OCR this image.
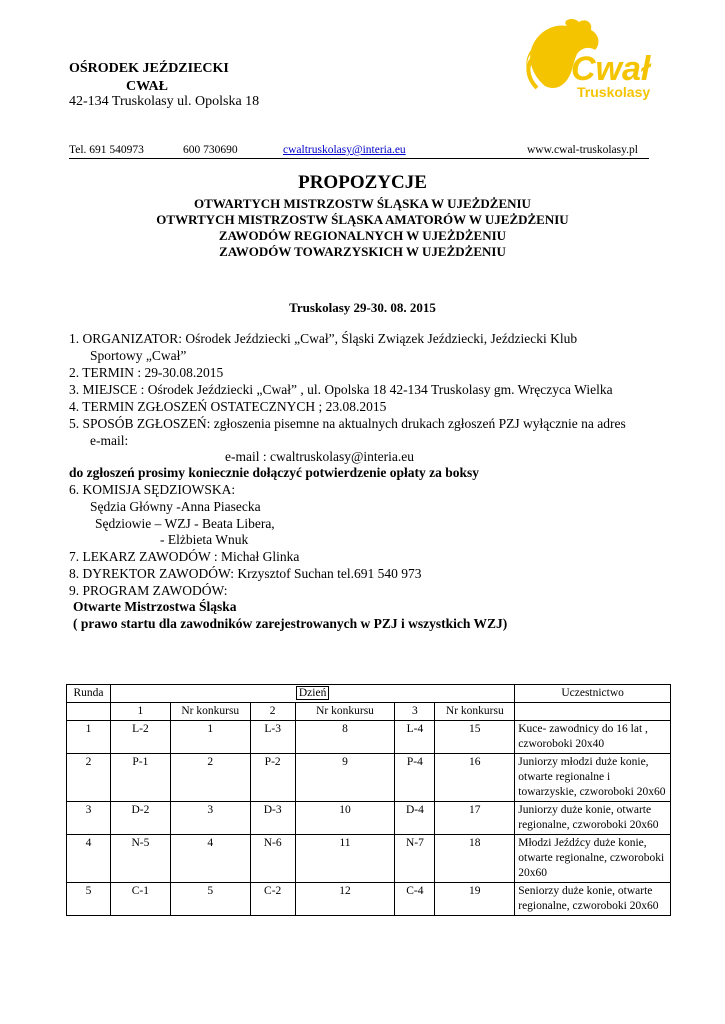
OŚRODEK JEŹDZIECKI
CWAŁ
42-134 Truskolasy ul. Opolska 18
Cwał
Truskolasy
Tel. 691 540973	600 730690	cwaltruskolasy@interia.eu	www.cwal-truskolasy.pl
PROPOZYCJE
OTWARTYCH MISTRZOSTW ŚLĄSKA W UJEŻDŻENIU
OTWRTYCH MISTRZOSTW ŚLĄSKA AMATORÓW W UJEŻDŻENIU
ZAWODÓW REGIONALNYCH W UJEŻDŻENIU
ZAWODÓW TOWARZYSKICH W UJEŻDŻENIU
Truskolasy 29-30. 08. 2015
1. ORGANIZATOR: Ośrodek Jeździecki „Cwał”, Śląski Związek Jeździecki, Jeździecki Klub
Sportowy „Cwał”
2. TERMIN : 29-30.08.2015
3. MIEJSCE : Ośrodek Jeździecki „Cwał” , ul. Opolska 18 42-134 Truskolasy gm. Wręczyca Wielka
4. TERMIN ZGŁOSZEŃ OSTATECZNYCH ; 23.08.2015
5. SPOSÓB ZGŁOSZEŃ: zgłoszenia pisemne na aktualnych drukach zgłoszeń PZJ wyłącznie na adres
e-mail:
e-mail : cwaltruskolasy@interia.eu
do zgłoszeń prosimy koniecznie dołączyć potwierdzenie opłaty za boksy
6. KOMISJA SĘDZIOWSKA:
Sędzia Główny -Anna Piasecka
Sędziowie – WZJ - Beata Libera,
- Elżbieta Wnuk
7. LEKARZ ZAWODÓW : Michał Glinka
8. DYREKTOR ZAWODÓW: Krzysztof Suchan tel.691 540 973
9. PROGRAM ZAWODÓW:
Otwarte Mistrzostwa Śląska
( prawo startu dla zawodników zarejestrowanych w PZJ i wszystkich WZJ)
Runda	Dzień						Uczestnictwo
	1	Nr konkursu	2	Nr konkursu	3	Nr konkursu	
1	L-2	1	L-3	8	L-4	15	Kuce- zawodnicy do 16 lat , czworoboki 20x40
2	P-1	2	P-2	9	P-4	16	Juniorzy młodzi duże konie, otwarte regionalne i towarzyskie, czworoboki 20x60
3	D-2	3	D-3	10	D-4	17	Juniorzy duże konie, otwarte regionalne, czworoboki 20x60
4	N-5	4	N-6	11	N-7	18	Młodzi Jeźdźcy duże konie, otwarte regionalne, czworoboki 20x60
5	C-1	5	C-2	12	C-4	19	Seniorzy duże konie, otwarte regionalne, czworoboki 20x60
